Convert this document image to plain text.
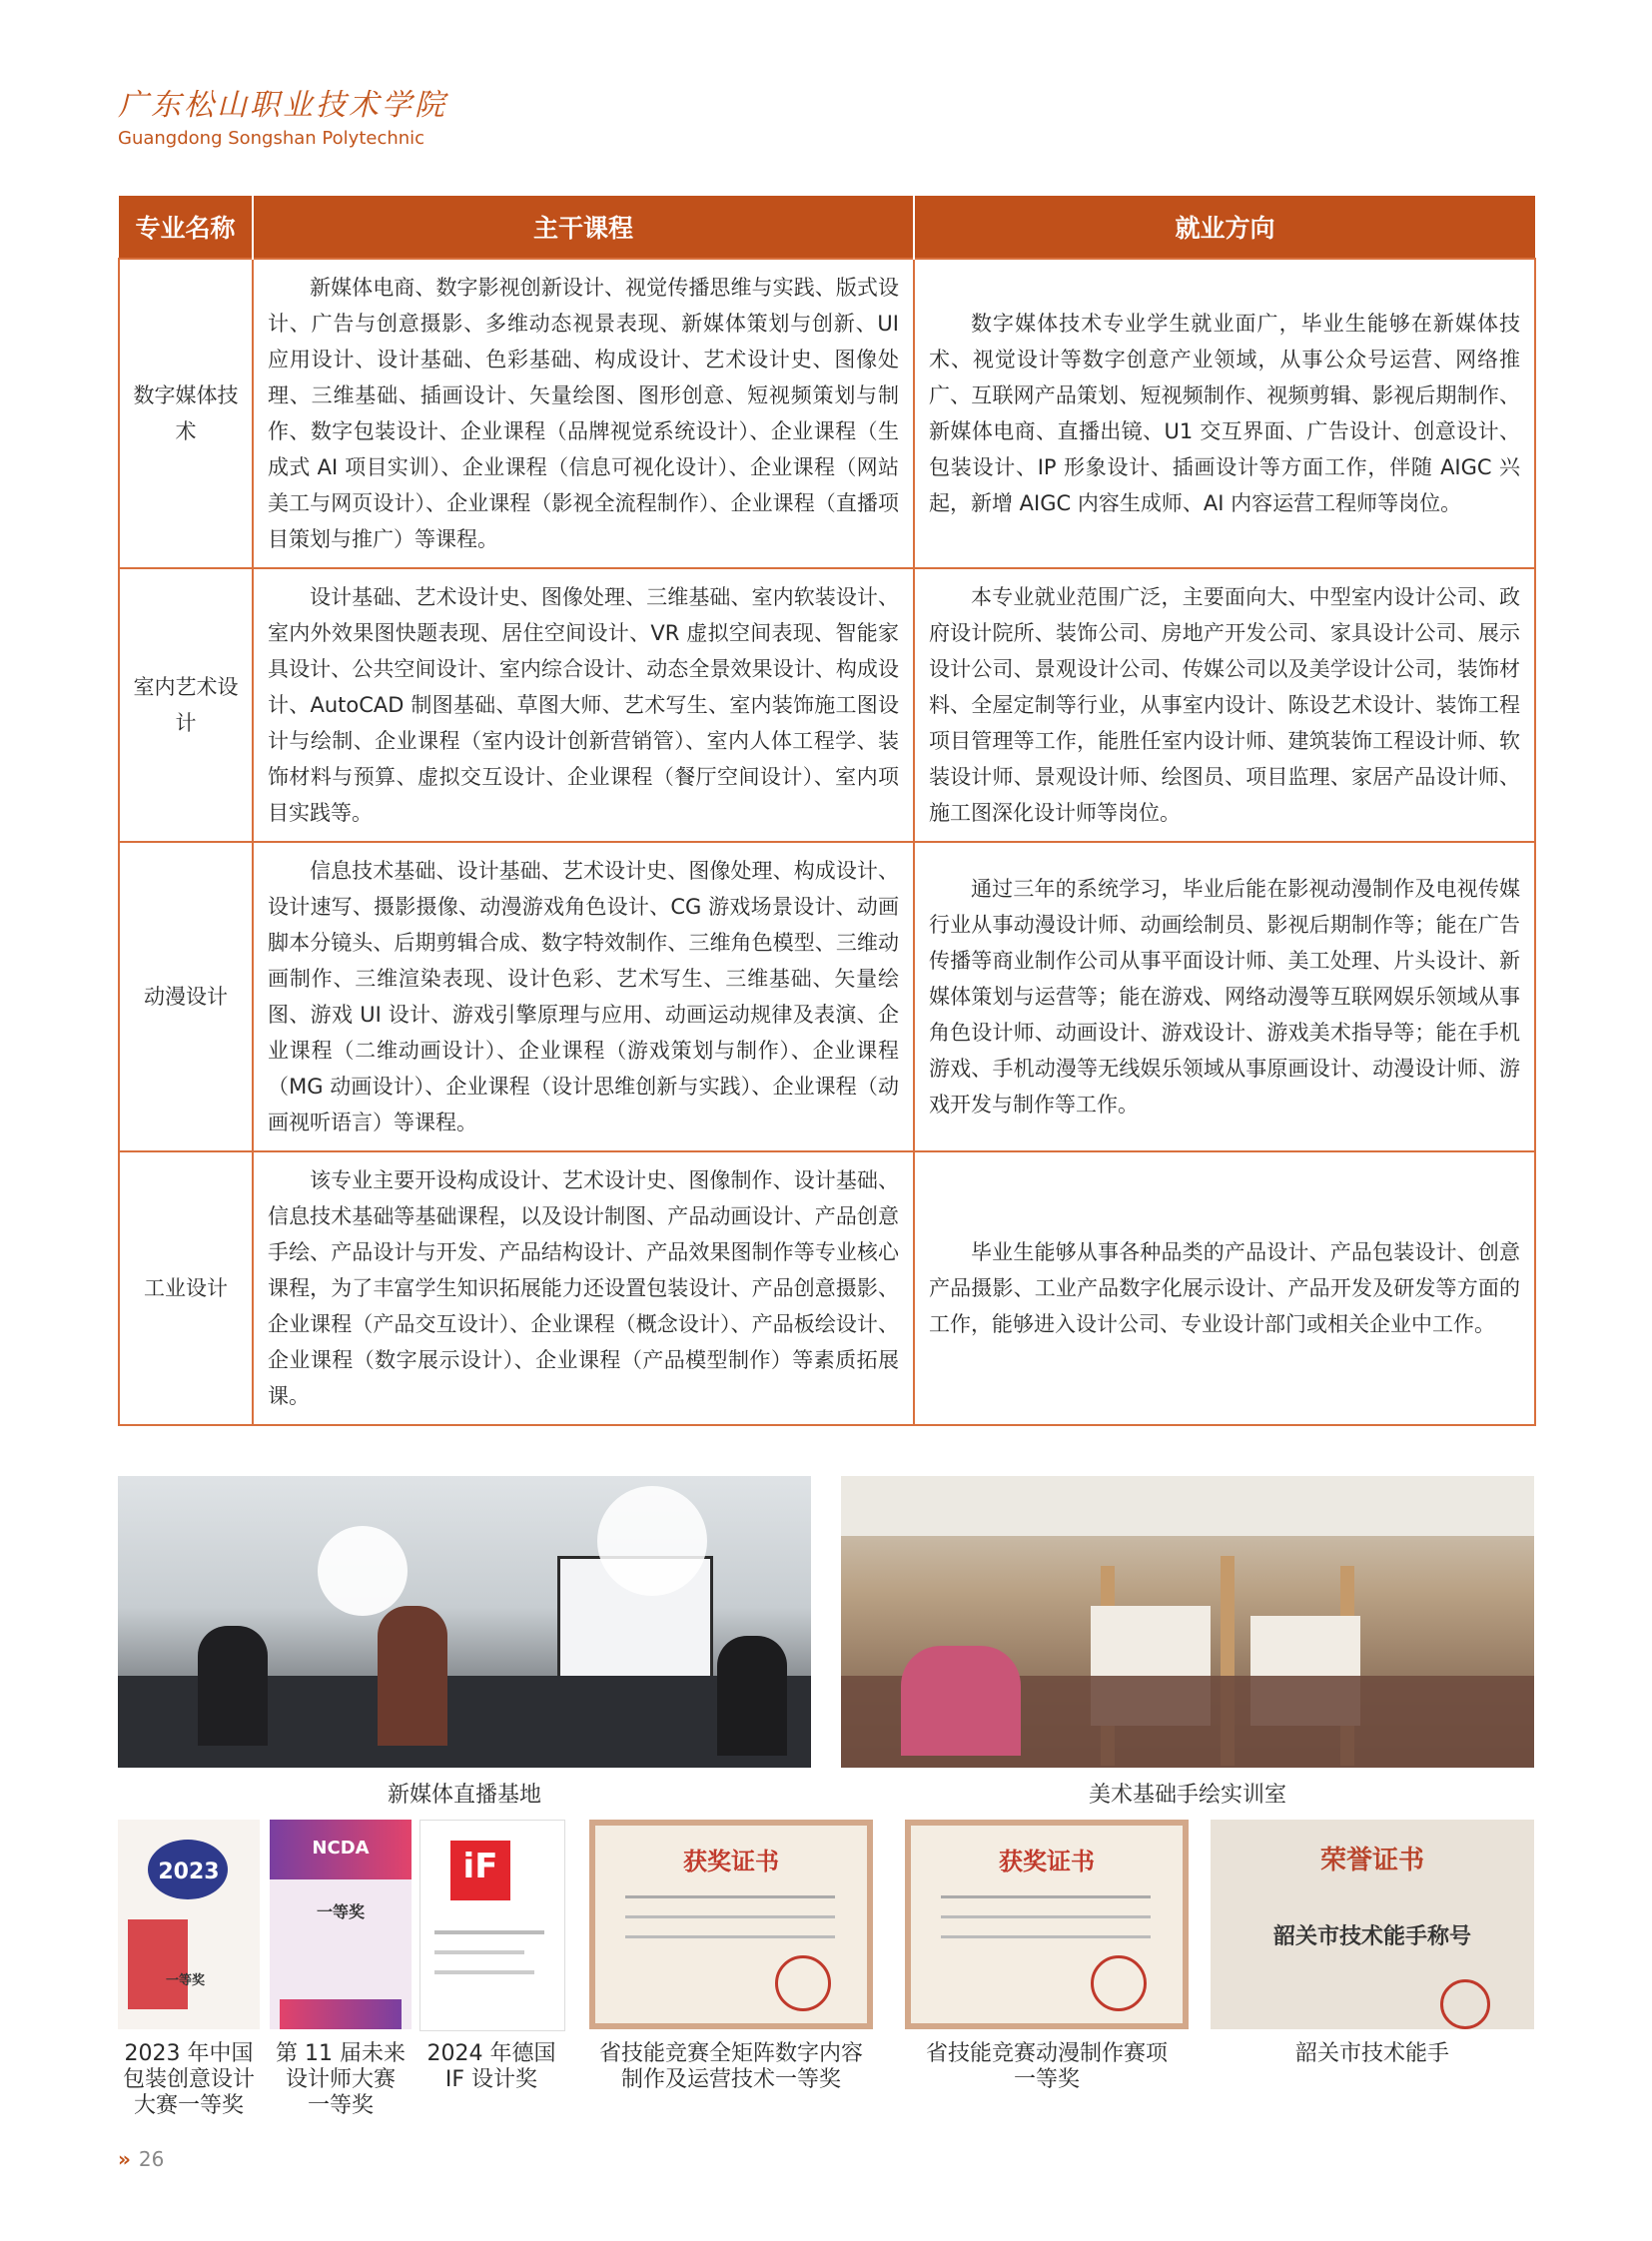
广东松山职业技术学院
Guangdong Songshan Polytechnic
专业名称	主干课程	就业方向
数字媒体技术	新媒体电商、数字影视创新设计、视觉传播思维与实践、版式设计、广告与创意摄影、多维动态视景表现、新媒体策划与创新、UI 应用设计、设计基础、色彩基础、构成设计、艺术设计史、图像处理、三维基础、插画设计、矢量绘图、图形创意、短视频策划与制作、数字包装设计、企业课程（品牌视觉系统设计）、企业课程（生成式 AI 项目实训）、企业课程（信息可视化设计）、企业课程（网站美工与网页设计）、企业课程（影视全流程制作）、企业课程（直播项目策划与推广）等课程。	数字媒体技术专业学生就业面广，毕业生能够在新媒体技术、视觉设计等数字创意产业领域，从事公众号运营、网络推广、互联网产品策划、短视频制作、视频剪辑、影视后期制作、新媒体电商、直播出镜、U1 交互界面、广告设计、创意设计、包装设计、IP 形象设计、插画设计等方面工作，伴随 AIGC 兴起，新增 AIGC 内容生成师、AI 内容运营工程师等岗位。
室内艺术设计	设计基础、艺术设计史、图像处理、三维基础、室内软装设计、室内外效果图快题表现、居住空间设计、VR 虚拟空间表现、智能家具设计、公共空间设计、室内综合设计、动态全景效果设计、构成设计、AutoCAD 制图基础、草图大师、艺术写生、室内装饰施工图设计与绘制、企业课程（室内设计创新营销管）、室内人体工程学、装饰材料与预算、虚拟交互设计、企业课程（餐厅空间设计）、室内项目实践等。	本专业就业范围广泛，主要面向大、中型室内设计公司、政府设计院所、装饰公司、房地产开发公司、家具设计公司、展示设计公司、景观设计公司、传媒公司以及美学设计公司，装饰材料、全屋定制等行业，从事室内设计、陈设艺术设计、装饰工程项目管理等工作，能胜任室内设计师、建筑装饰工程设计师、软装设计师、景观设计师、绘图员、项目监理、家居产品设计师、施工图深化设计师等岗位。
动漫设计	信息技术基础、设计基础、艺术设计史、图像处理、构成设计、设计速写、摄影摄像、动漫游戏角色设计、CG 游戏场景设计、动画脚本分镜头、后期剪辑合成、数字特效制作、三维角色模型、三维动画制作、三维渲染表现、设计色彩、艺术写生、三维基础、矢量绘图、游戏 UI 设计、游戏引擎原理与应用、动画运动规律及表演、企业课程（二维动画设计）、企业课程（游戏策划与制作）、企业课程（MG 动画设计）、企业课程（设计思维创新与实践）、企业课程（动画视听语言）等课程。	通过三年的系统学习，毕业后能在影视动漫制作及电视传媒行业从事动漫设计师、动画绘制员、影视后期制作等；能在广告传播等商业制作公司从事平面设计师、美工处理、片头设计、新媒体策划与运营等；能在游戏、网络动漫等互联网娱乐领域从事角色设计师、动画设计、游戏设计、游戏美术指导等；能在手机游戏、手机动漫等无线娱乐领域从事原画设计、动漫设计师、游戏开发与制作等工作。
工业设计	该专业主要开设构成设计、艺术设计史、图像制作、设计基础、信息技术基础等基础课程，以及设计制图、产品动画设计、产品创意手绘、产品设计与开发、产品结构设计、产品效果图制作等专业核心课程，为了丰富学生知识拓展能力还设置包装设计、产品创意摄影、企业课程（产品交互设计）、企业课程（概念设计）、产品板绘设计、企业课程（数字展示设计）、企业课程（产品模型制作）等素质拓展课。	毕业生能够从事各种品类的产品设计、产品包装设计、创意产品摄影、工业产品数字化展示设计、产品开发及研发等方面的工作，能够进入设计公司、专业设计部门或相关企业中工作。
新媒体直播基地	美术基础手绘实训室
2023
一等奖
NCDA
一等奖
iF	获奖证书	获奖证书	荣誉证书
韶关市技术能手称号
2023 年中国
包装创意设计
大赛一等奖
第 11 届未来
设计师大赛
一等奖
2024 年德国
IF 设计奖
省技能竞赛全矩阵数字内容
制作及运营技术一等奖
省技能竞赛动漫制作赛项
一等奖
韶关市技术能手
» 26
